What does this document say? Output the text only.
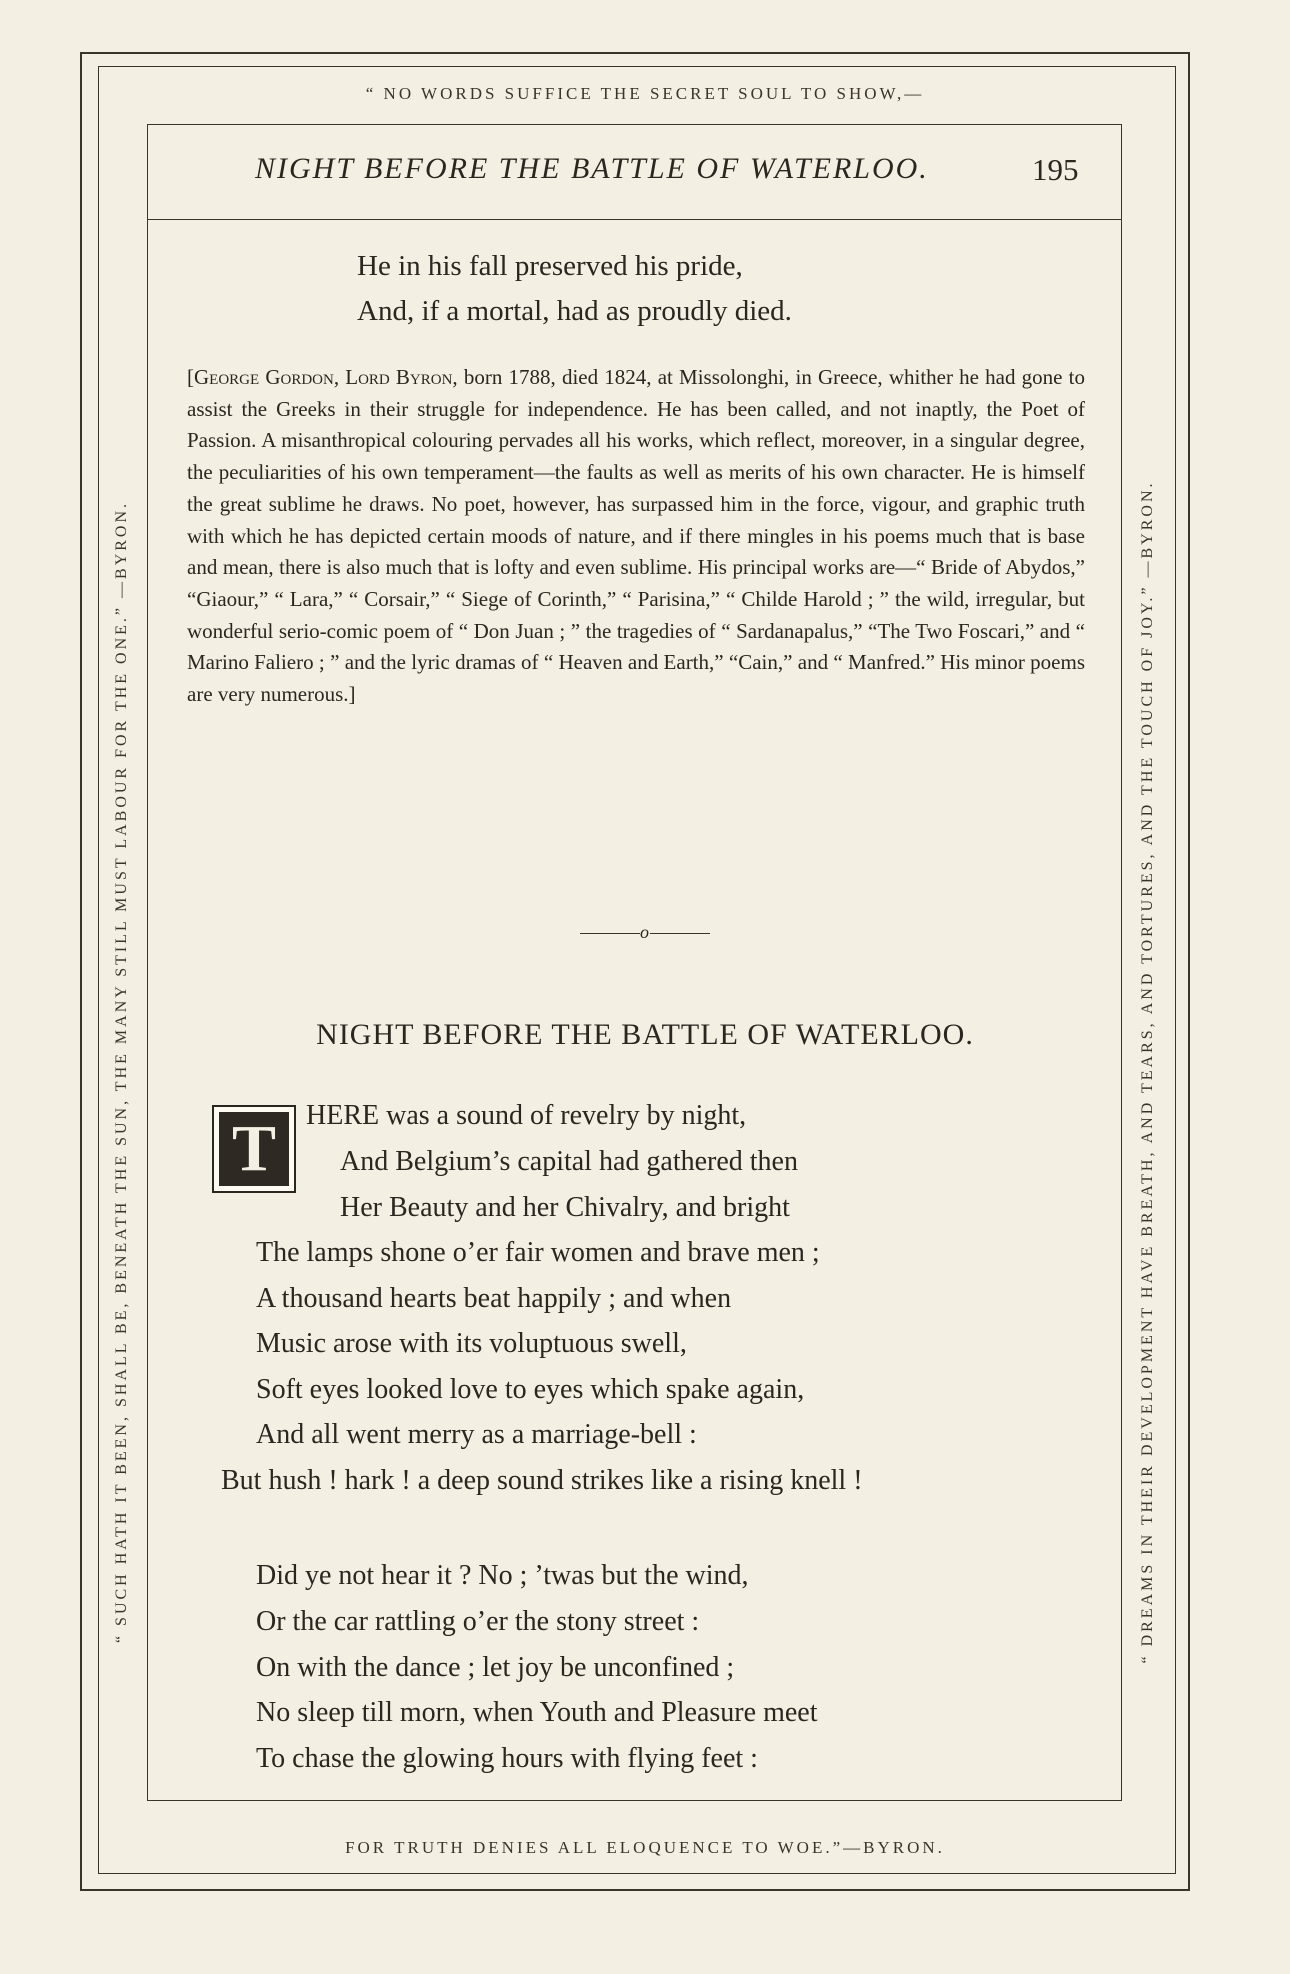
“ NO WORDS SUFFICE THE SECRET SOUL TO SHOW,—
FOR TRUTH DENIES ALL ELOQUENCE TO WOE.”—BYRON.
“ SUCH HATH IT BEEN, SHALL BE, BENEATH THE SUN, THE MANY STILL MUST LABOUR FOR THE ONE.” —BYRON.	“ DREAMS IN THEIR DEVELOPMENT HAVE BREATH, AND TEARS, AND TORTURES, AND THE TOUCH OF JOY.” —BYRON.
NIGHT BEFORE THE BATTLE OF WATERLOO.	195
He in his fall preserved his pride,
And, if a mortal, had as proudly died.
[George Gordon, Lord Byron, born 1788, died 1824, at Missolonghi, in Greece, whither he had gone to assist the Greeks in their struggle for independence. He has been called, and not inaptly, the Poet of Passion. A misanthropical colouring pervades all his works, which reflect, moreover, in a singular degree, the peculiarities of his own temperament—the faults as well as merits of his own character. He is himself the great sublime he draws. No poet, however, has surpassed him in the force, vigour, and graphic truth with which he has depicted certain moods of nature, and if there mingles in his poems much that is base and mean, there is also much that is lofty and even sublime. His principal works are—“ Bride of Abydos,” “Giaour,” “ Lara,” “ Corsair,” “ Siege of Corinth,” “ Parisina,” “ Childe Harold ; ” the wild, irregular, but wonderful serio-comic poem of “ Don Juan ; ” the tragedies of “ Sardanapalus,” “The Two Foscari,” and “ Marino Faliero ; ” and the lyric dramas of “ Heaven and Earth,” “Cain,” and “ Manfred.” His minor poems are very numerous.]
o
NIGHT BEFORE THE BATTLE OF WATERLOO.
T	HERE was a sound of revelry by night,
And Belgium’s capital had gathered then
Her Beauty and her Chivalry, and bright
The lamps shone o’er fair women and brave men ;
A thousand hearts beat happily ; and when
Music arose with its voluptuous swell,
Soft eyes looked love to eyes which spake again,
And all went merry as a marriage-bell :
But hush ! hark ! a deep sound strikes like a rising knell !
Did ye not hear it ? No ; ’twas but the wind,
Or the car rattling o’er the stony street :
On with the dance ; let joy be unconfined ;
No sleep till morn, when Youth and Pleasure meet
To chase the glowing hours with flying feet :
